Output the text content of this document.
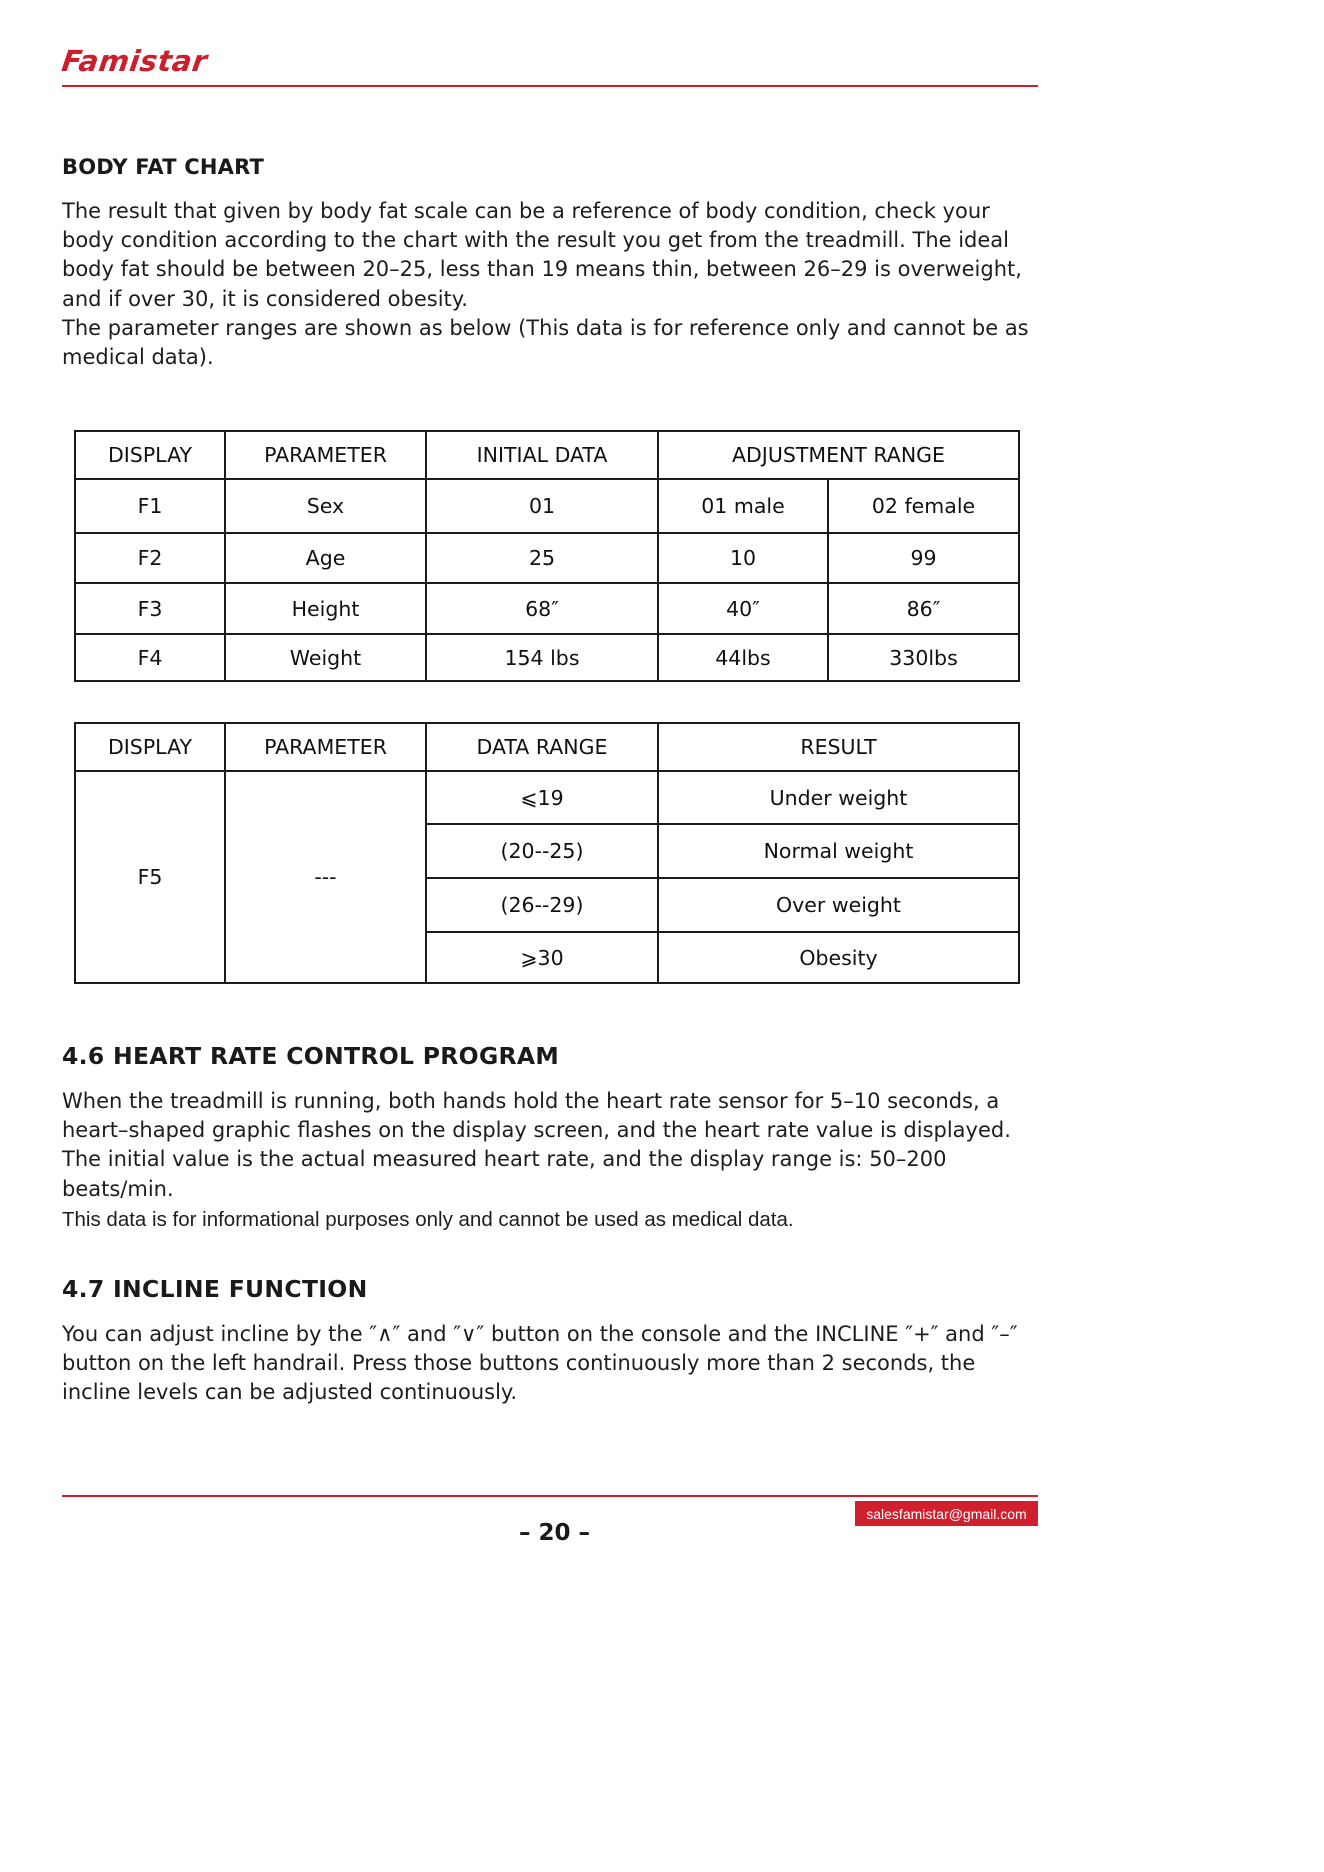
Famistar
BODY FAT CHART

The result that given by body fat scale can be a reference of body condition, check your body condition according to the chart with the result you get from the treadmill. The ideal body fat should be between 20–25, less than 19 means thin, between 26–29 is overweight, and if over 30, it is considered obesity.

The parameter ranges are shown as below (This data is for reference only and cannot be as medical data).

DISPLAY	PARAMETER	INITIAL DATA	ADJUSTMENT RANGE	
F1	Sex	01	01 male	02 female
F2	Age	25	10	99
F3	Height	68″	40″	86″
F4	Weight	154 lbs	44lbs	330lbs
DISPLAY	PARAMETER	DATA RANGE	RESULT
F5	---	⩽19	Under weight
		(20--25)	Normal weight
		(26--29)	Over weight
		⩾30	Obesity
4.6 HEART RATE CONTROL PROGRAM

When the treadmill is running, both hands hold the heart rate sensor for 5–10 seconds, a heart–shaped graphic flashes on the display screen, and the heart rate value is displayed. The initial value is the actual measured heart rate, and the display range is: 50–200 beats/min.

This data is for informational purposes only and cannot be used as medical data.

4.7 INCLINE FUNCTION

You can adjust incline by the ″∧″ and ″∨″ button on the console and the INCLINE ″+″ and ″–″ button on the left handrail. Press those buttons continuously more than 2 seconds, the incline levels can be adjusted continuously.

salesfamistar@gmail.com
– 20 –
